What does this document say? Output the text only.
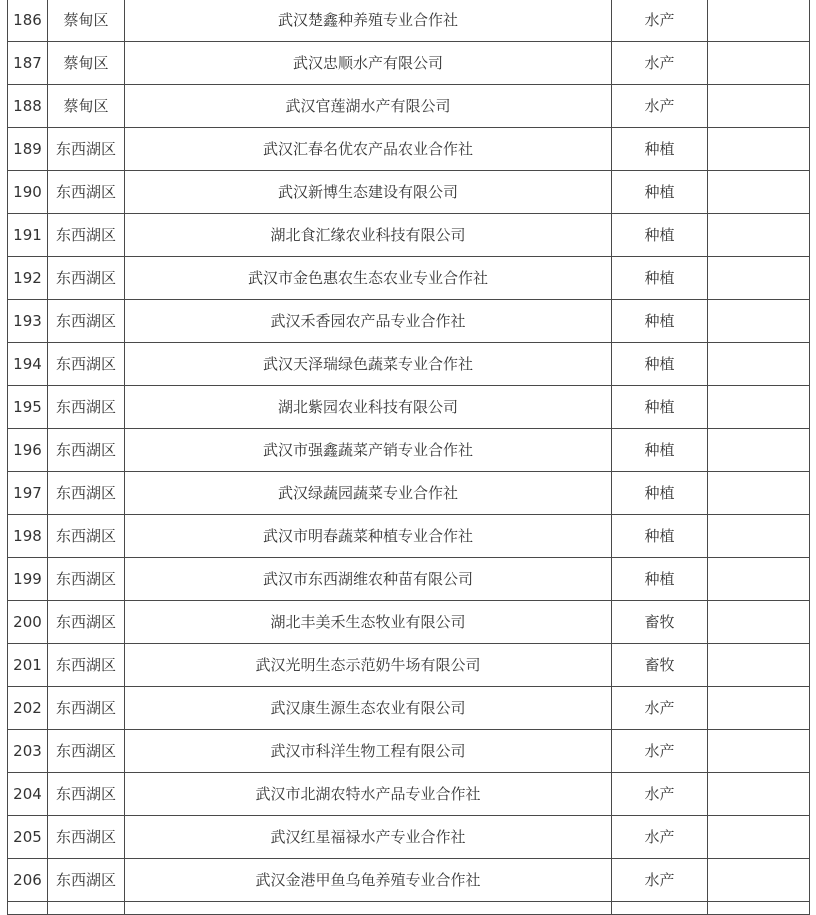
186	蔡甸区	武汉楚鑫种养殖专业合作社	水产	
187	蔡甸区	武汉忠顺水产有限公司	水产	
188	蔡甸区	武汉官莲湖水产有限公司	水产	
189	东西湖区	武汉汇春名优农产品农业合作社	种植	
190	东西湖区	武汉新博生态建设有限公司	种植	
191	东西湖区	湖北食汇缘农业科技有限公司	种植	
192	东西湖区	武汉市金色惠农生态农业专业合作社	种植	
193	东西湖区	武汉禾香园农产品专业合作社	种植	
194	东西湖区	武汉天泽瑞绿色蔬菜专业合作社	种植	
195	东西湖区	湖北紫园农业科技有限公司	种植	
196	东西湖区	武汉市强鑫蔬菜产销专业合作社	种植	
197	东西湖区	武汉绿蔬园蔬菜专业合作社	种植	
198	东西湖区	武汉市明春蔬菜种植专业合作社	种植	
199	东西湖区	武汉市东西湖维农种苗有限公司	种植	
200	东西湖区	湖北丰美禾生态牧业有限公司	畜牧	
201	东西湖区	武汉光明生态示范奶牛场有限公司	畜牧	
202	东西湖区	武汉康生源生态农业有限公司	水产	
203	东西湖区	武汉市科洋生物工程有限公司	水产	
204	东西湖区	武汉市北湖农特水产品专业合作社	水产	
205	东西湖区	武汉红星福禄水产专业合作社	水产	
206	东西湖区	武汉金港甲鱼乌龟养殖专业合作社	水产	
